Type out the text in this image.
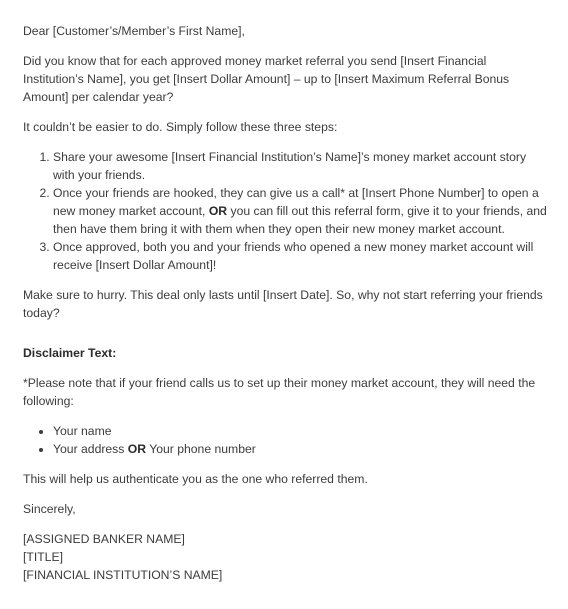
Dear [Customer’s/Member’s First Name],

Did you know that for each approved money market referral you send [Insert Financial Institution’s Name], you get [Insert Dollar Amount] – up to [Insert Maximum Referral Bonus Amount] per calendar year?

It couldn’t be easier to do. Simply follow these three steps:

1. Share your awesome [Insert Financial Institution’s Name]’s money market account story with your friends.
2. Once your friends are hooked, they can give us a call* at [Insert Phone Number] to open a new money market account, OR you can fill out this referral form, give it to your friends, and then have them bring it with them when they open their new money market account.
3. Once approved, both you and your friends who opened a new money market account will receive [Insert Dollar Amount]!

Make sure to hurry. This deal only lasts until [Insert Date]. So, why not start referring your friends today?

Disclaimer Text:

*Please note that if your friend calls us to set up their money market account, they will need the following:

• Your name
• Your address OR Your phone number

This will help us authenticate you as the one who referred them.

Sincerely,

[ASSIGNED BANKER NAME]

[TITLE]

[FINANCIAL INSTITUTION’S NAME]
